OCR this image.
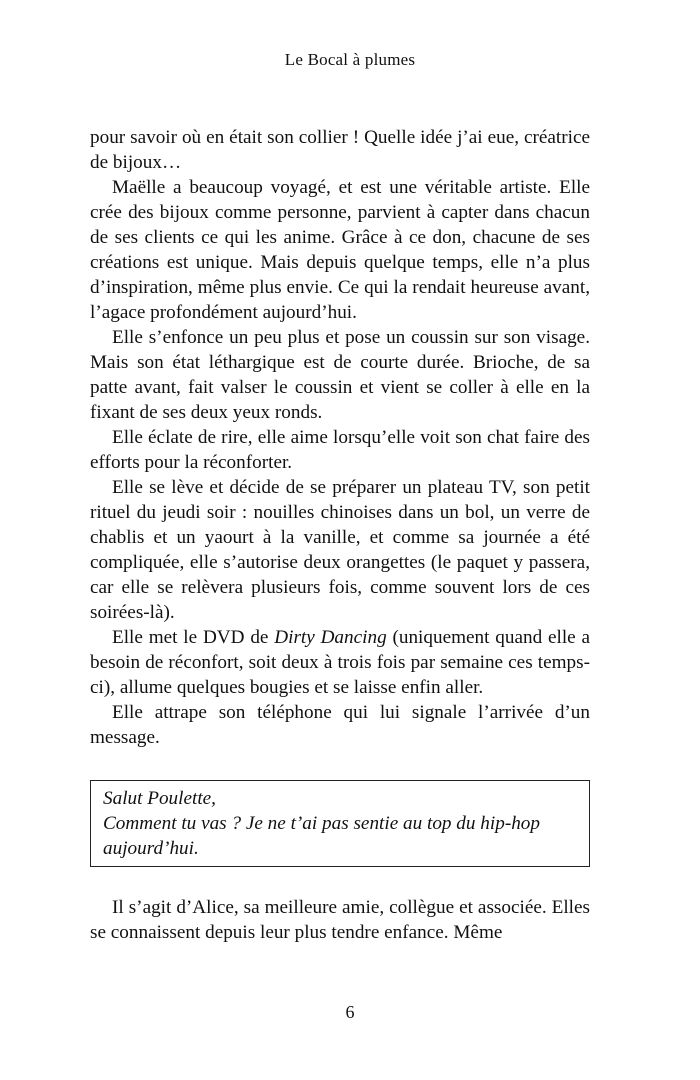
Le Bocal à plumes

pour savoir où en était son collier ! Quelle idée j’ai eue, créatrice de bijoux…

Maëlle a beaucoup voyagé, et est une véritable artiste. Elle crée des bijoux comme personne, parvient à capter dans chacun de ses clients ce qui les anime. Grâce à ce don, chacune de ses créations est unique. Mais depuis quelque temps, elle n’a plus d’inspiration, même plus envie. Ce qui la rendait heureuse avant, l’agace profondément aujourd’hui.

Elle s’enfonce un peu plus et pose un coussin sur son visage. Mais son état léthargique est de courte durée. Brioche, de sa patte avant, fait valser le coussin et vient se coller à elle en la fixant de ses deux yeux ronds.

Elle éclate de rire, elle aime lorsqu’elle voit son chat faire des efforts pour la réconforter.

Elle se lève et décide de se préparer un plateau TV, son petit rituel du jeudi soir : nouilles chinoises dans un bol, un verre de chablis et un yaourt à la vanille, et comme sa journée a été compliquée, elle s’autorise deux orangettes (le paquet y passera, car elle se relèvera plusieurs fois, comme souvent lors de ces soirées-là).

Elle met le DVD de Dirty Dancing (uniquement quand elle a besoin de réconfort, soit deux à trois fois par semaine ces temps-ci), allume quelques bougies et se laisse enfin aller.

Elle attrape son téléphone qui lui signale l’arrivée d’un message.

Salut Poulette,
Comment tu vas ? Je ne t’ai pas sentie au top du hip-hop aujourd’hui.

Il s’agit d’Alice, sa meilleure amie, collègue et associée. Elles se connaissent depuis leur plus tendre enfance. Même

6
